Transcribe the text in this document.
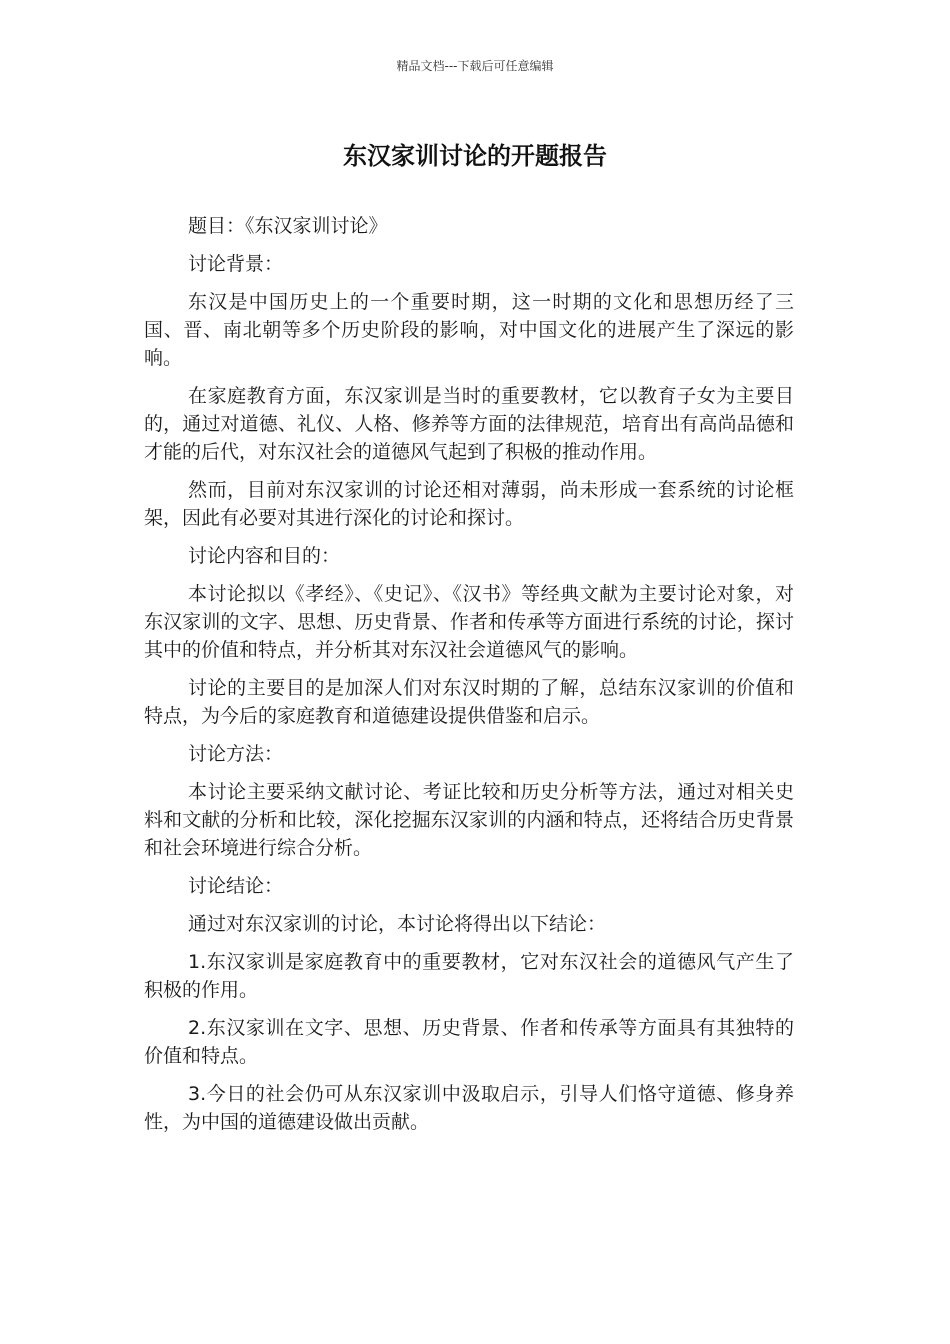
精品文档---下载后可任意编辑
东汉家训讨论的开题报告

题目：《东汉家训讨论》

讨论背景：

东汉是中国历史上的一个重要时期，这一时期的文化和思想历经了三国、晋、南北朝等多个历史阶段的影响，对中国文化的进展产生了深远的影响。

在家庭教育方面，东汉家训是当时的重要教材，它以教育子女为主要目的，通过对道德、礼仪、人格、修养等方面的法律规范，培育出有高尚品德和才能的后代，对东汉社会的道德风气起到了积极的推动作用。

然而，目前对东汉家训的讨论还相对薄弱，尚未形成一套系统的讨论框架，因此有必要对其进行深化的讨论和探讨。

讨论内容和目的：

本讨论拟以《孝经》、《史记》、《汉书》等经典文献为主要讨论对象，对东汉家训的文字、思想、历史背景、作者和传承等方面进行系统的讨论，探讨其中的价值和特点，并分析其对东汉社会道德风气的影响。

讨论的主要目的是加深人们对东汉时期的了解，总结东汉家训的价值和特点，为今后的家庭教育和道德建设提供借鉴和启示。

讨论方法：

本讨论主要采纳文献讨论、考证比较和历史分析等方法，通过对相关史料和文献的分析和比较，深化挖掘东汉家训的内涵和特点，还将结合历史背景和社会环境进行综合分析。

讨论结论：

通过对东汉家训的讨论，本讨论将得出以下结论：

1.东汉家训是家庭教育中的重要教材，它对东汉社会的道德风气产生了积极的作用。

2.东汉家训在文字、思想、历史背景、作者和传承等方面具有其独特的价值和特点。

3.今日的社会仍可从东汉家训中汲取启示，引导人们恪守道德、修身养性，为中国的道德建设做出贡献。
